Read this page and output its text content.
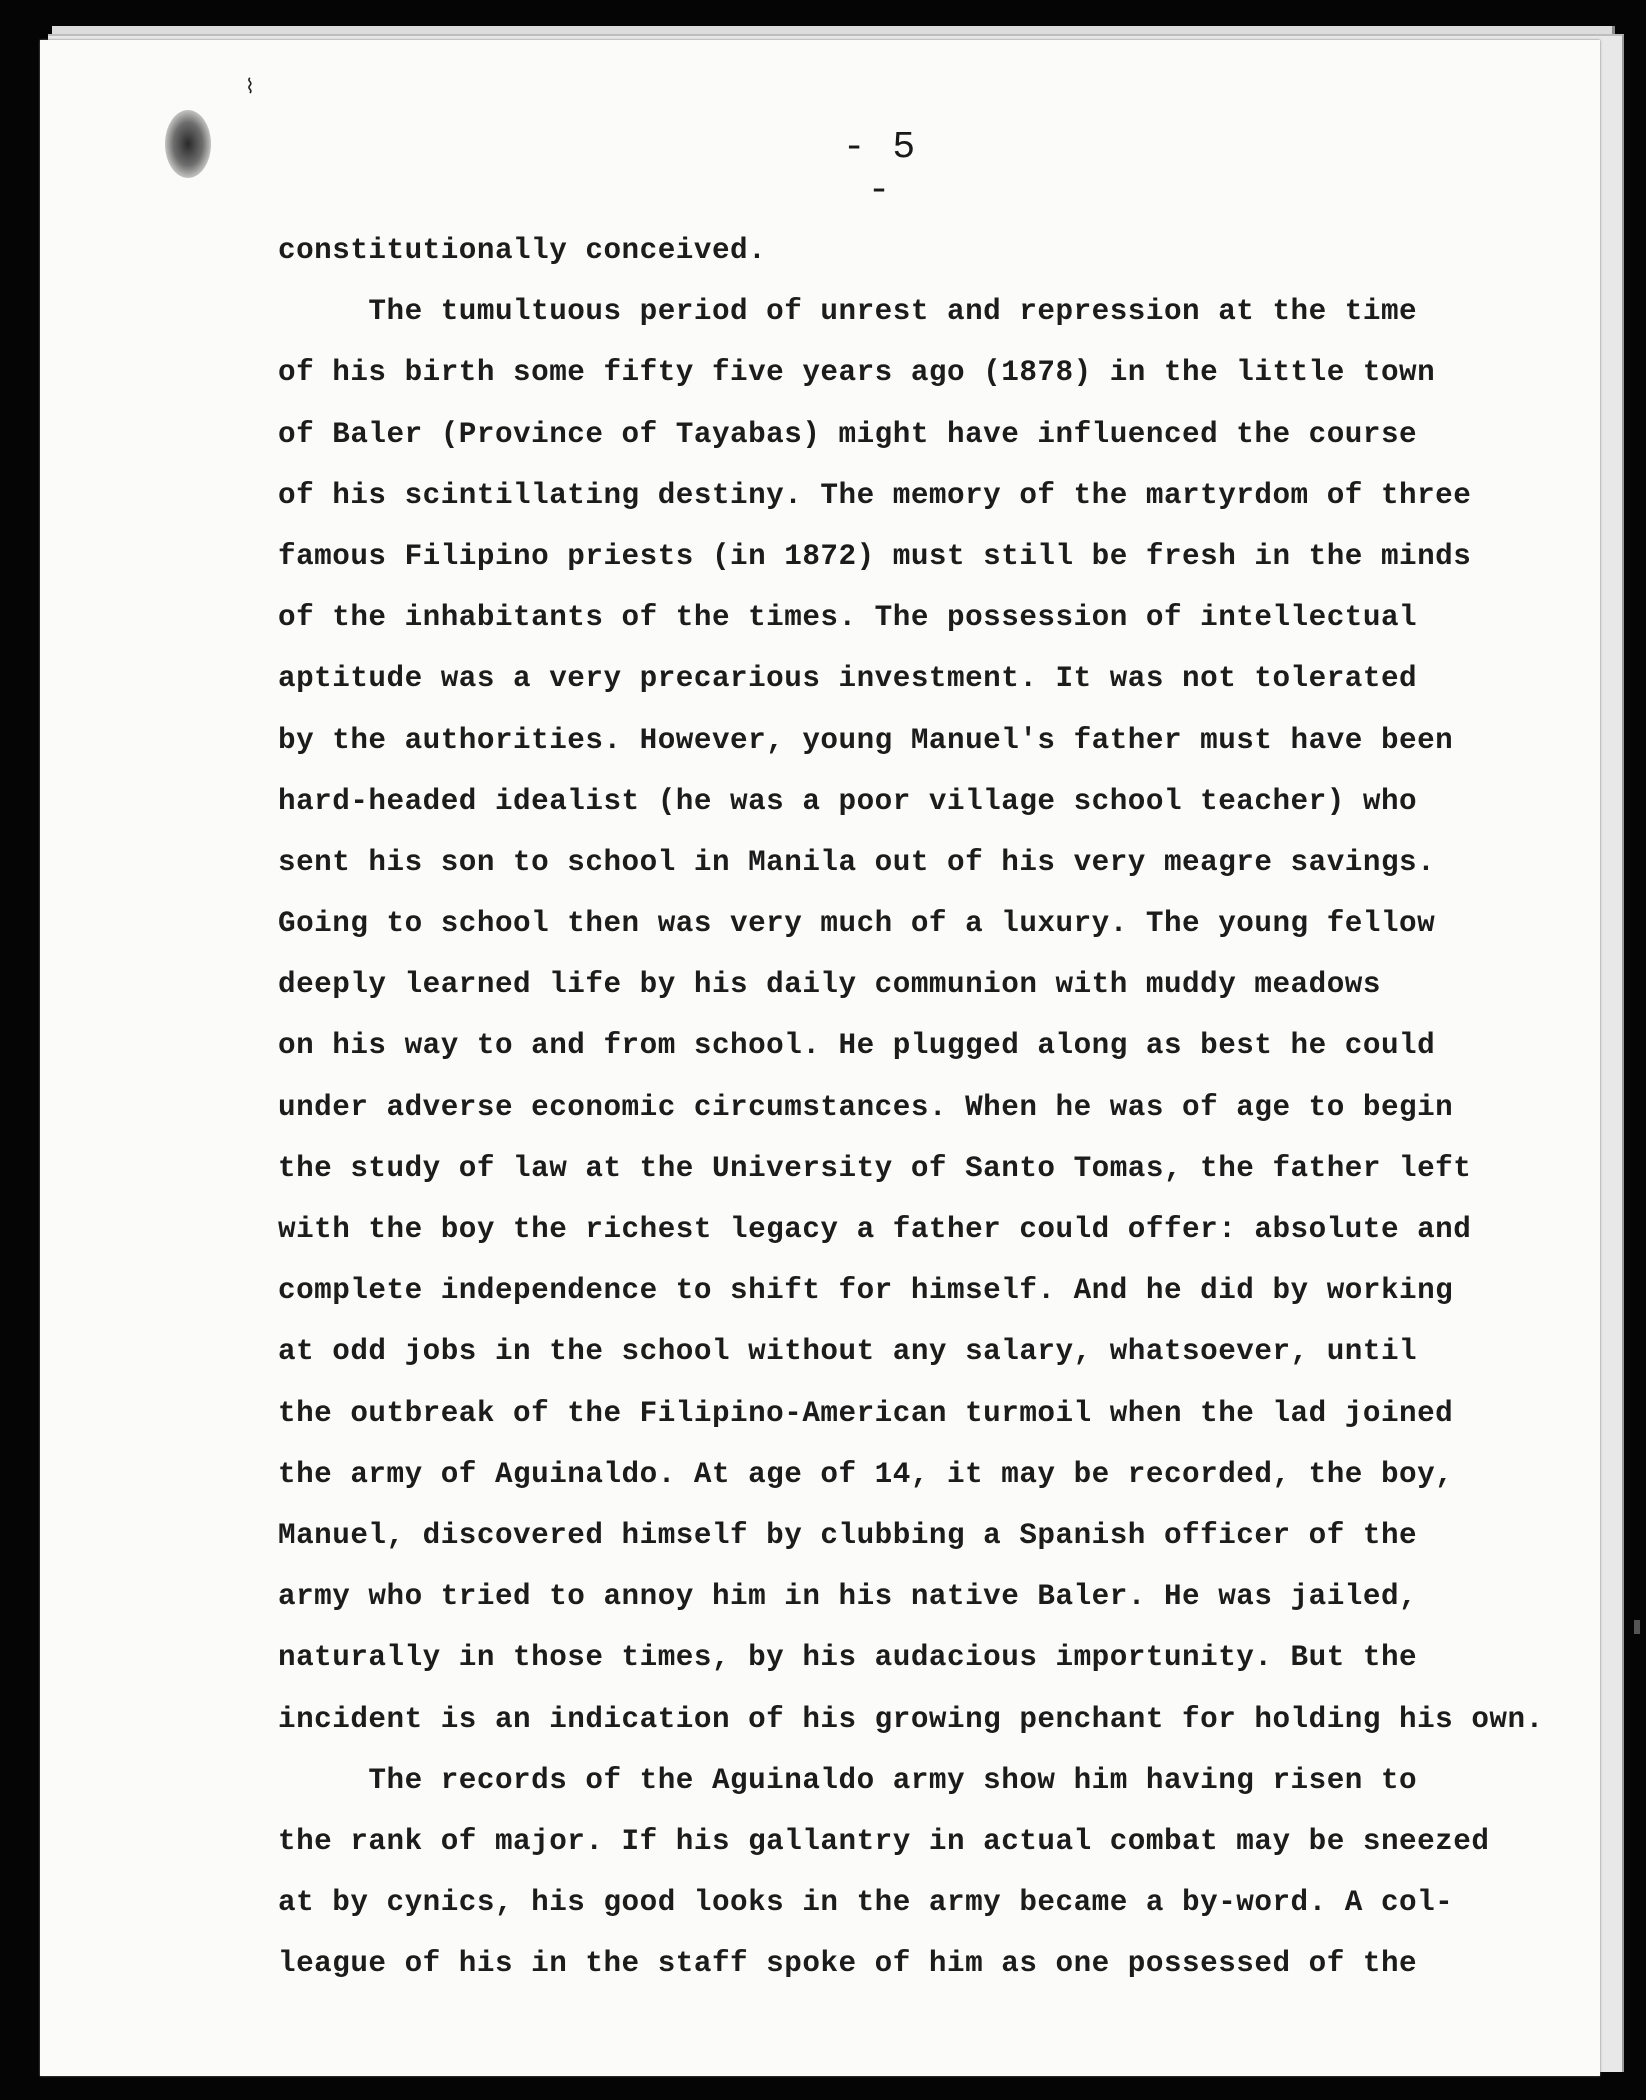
⌇
- 5 -
constitutionally conceived.
The tumultuous period of unrest and repression at the time
of his birth some fifty five years ago (1878) in the little town
of Baler (Province of Tayabas) might have influenced the course
of his scintillating destiny. The memory of the martyrdom of three
famous Filipino priests (in 1872) must still be fresh in the minds
of the inhabitants of the times. The possession of intellectual
aptitude was a very precarious investment. It was not tolerated
by the authorities. However, young Manuel's father must have been
hard-headed idealist (he was a poor village school teacher) who
sent his son to school in Manila out of his very meagre savings.
Going to school then was very much of a luxury. The young fellow
deeply learned life by his daily communion with muddy meadows
on his way to and from school. He plugged along as best he could
under adverse economic circumstances. When he was of age to begin
the study of law at the University of Santo Tomas, the father left
with the boy the richest legacy a father could offer: absolute and
complete independence to shift for himself. And he did by working
at odd jobs in the school without any salary, whatsoever, until
the outbreak of the Filipino-American turmoil when the lad joined
the army of Aguinaldo. At age of 14, it may be recorded, the boy,
Manuel, discovered himself by clubbing a Spanish officer of the
army who tried to annoy him in his native Baler. He was jailed,
naturally in those times, by his audacious importunity. But the
incident is an indication of his growing penchant for holding his own.
The records of the Aguinaldo army show him having risen to
the rank of major. If his gallantry in actual combat may be sneezed
at by cynics, his good looks in the army became a by-word. A col-
league of his in the staff spoke of him as one possessed of the
